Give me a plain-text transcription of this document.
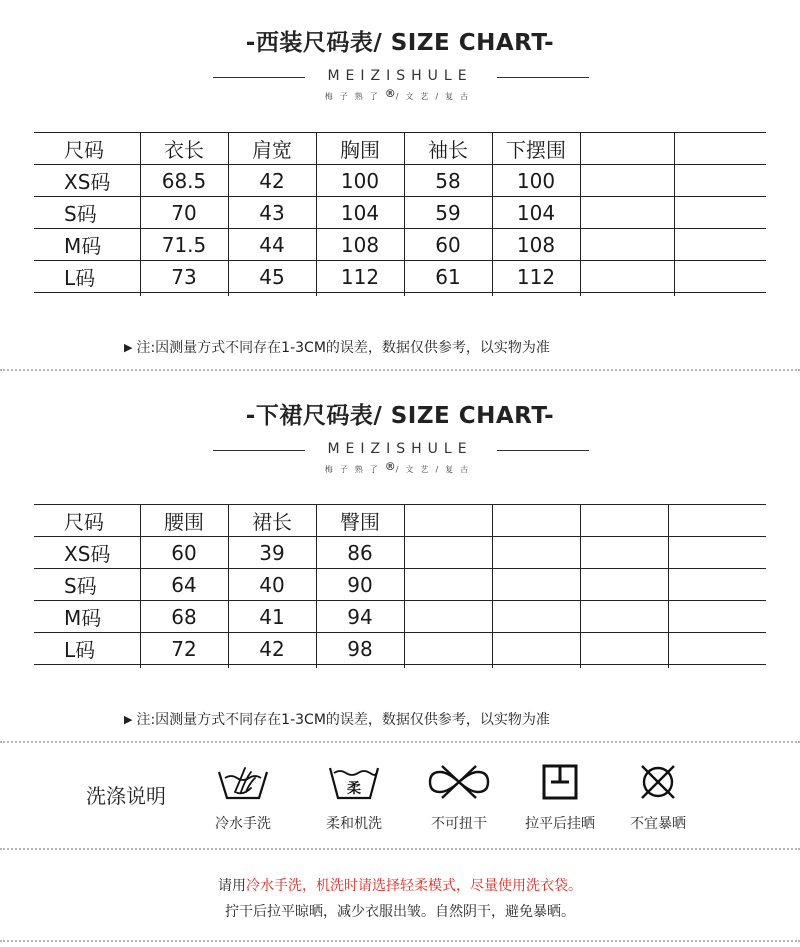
-西装尺码表/ SIZE CHART-
MEIZISHULE
梅子熟了®/文艺/复古
尺码	衣长	肩宽	胸围	袖长	下摆围		
XS码	68.5	42	100	58	100		
S码	70	43	104	59	104		
M码	71.5	44	108	60	108		
L码	73	45	112	61	112		

▶ 注:因测量方式不同存在1-3CM的误差，数据仅供参考，以实物为准
-下裙尺码表/ SIZE CHART-
MEIZISHULE
梅子熟了®/文艺/复古
尺码	腰围	裙长	臀围				
XS码	60	39	86				
S码	64	40	90				
M码	68	41	94				
L码	72	42	98				

▶ 注:因测量方式不同存在1-3CM的误差，数据仅供参考，以实物为准
洗涤说明
冷水手洗
柔
柔和机洗	不可扭干	拉平后挂晒	不宜暴晒
请用冷水手洗，机洗时请选择轻柔模式，尽量使用洗衣袋。
拧干后拉平晾晒，减少衣服出皱。自然阴干，避免暴晒。
